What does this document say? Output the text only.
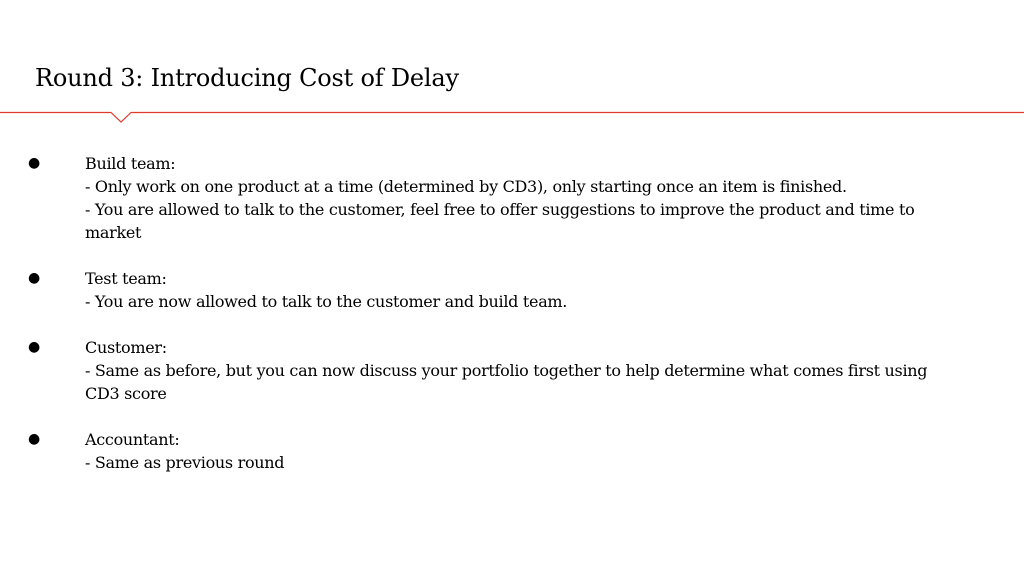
Round 3: Introducing Cost of Delay
●	Build team:
- Only work on one product at a time (determined by CD3), only starting once an item is finished.
- You are allowed to talk to the customer, feel free to offer suggestions to improve the product and time to market
●	Test team:
- You are now allowed to talk to the customer and build team.
●	Customer:
- Same as before, but you can now discuss your portfolio together to help determine what comes first using CD3 score
●	Accountant:
- Same as previous round
